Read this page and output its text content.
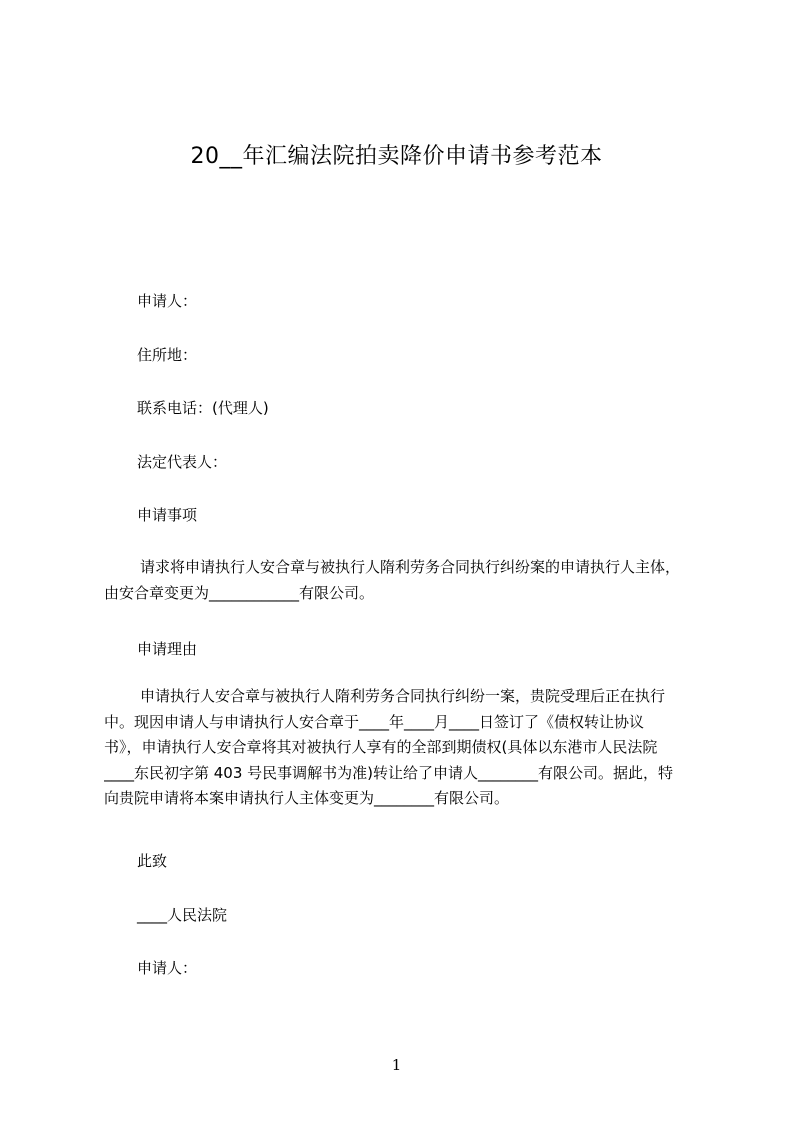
20__年汇编法院拍卖降价申请书参考范本
申请人：
住所地：
联系电话：(代理人)
法定代表人：
申请事项
请求将申请执行人安合章与被执行人隋利劳务合同执行纠纷案的申请执行人主体，
由安合章变更为____________有限公司。
申请理由
申请执行人安合章与被执行人隋利劳务合同执行纠纷一案，贵院受理后正在执行
中。现因申请人与申请执行人安合章于____年____月____日签订了《债权转让协议
书》，申请执行人安合章将其对被执行人享有的全部到期债权(具体以东港市人民法院
____东民初字第 403 号民事调解书为准)转让给了申请人________有限公司。据此，特
向贵院申请将本案申请执行人主体变更为________有限公司。
此致
____人民法院
申请人：
1
